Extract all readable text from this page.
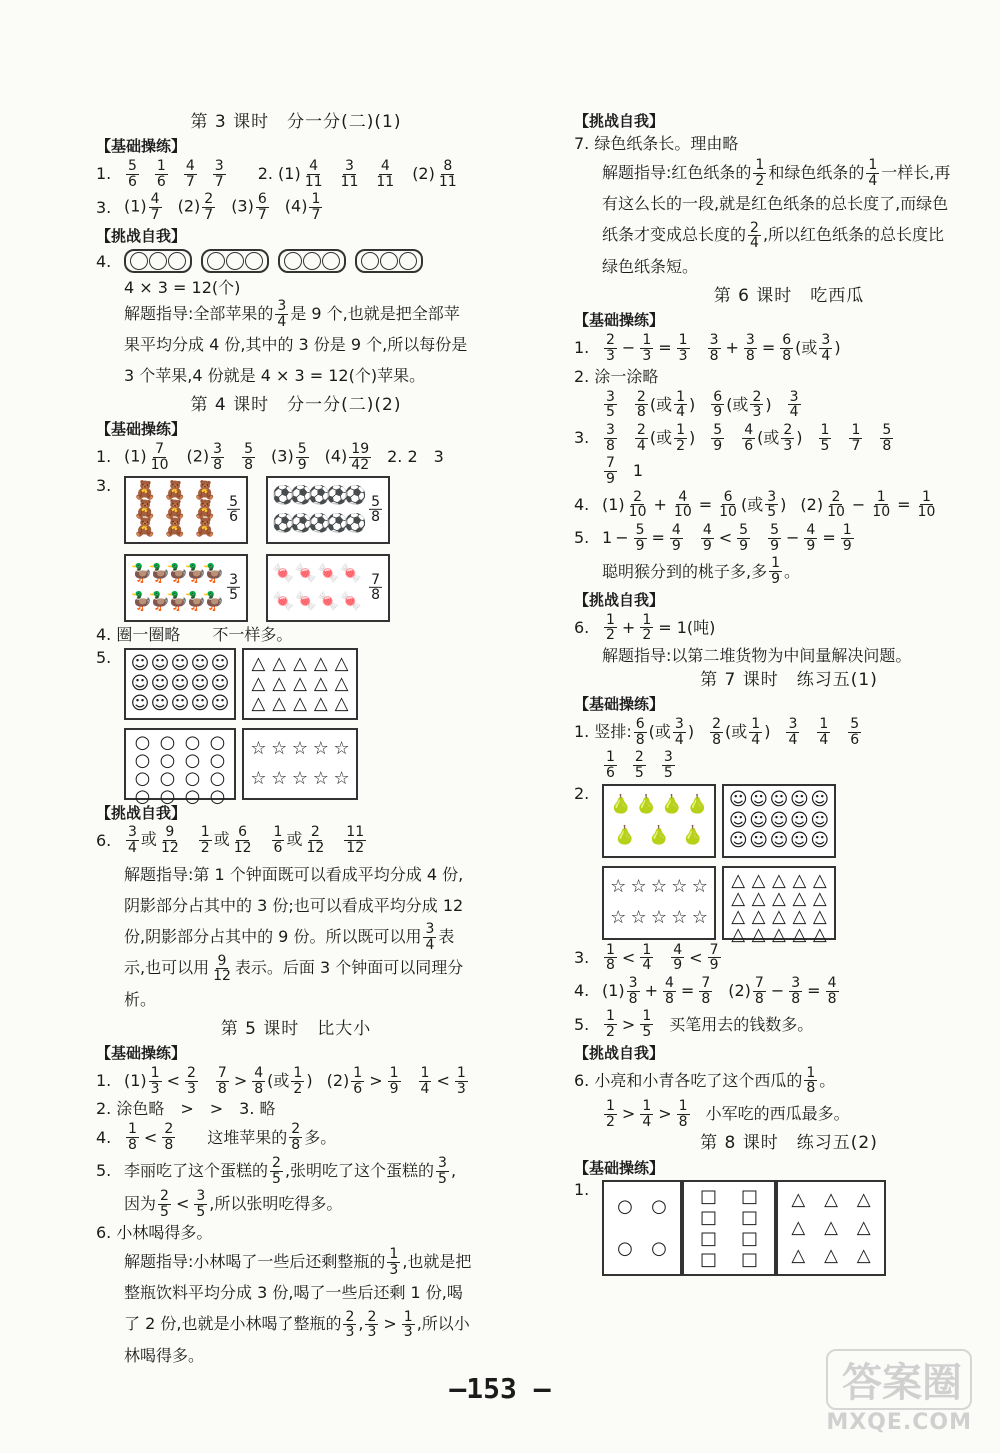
第 3 课时　分一分(二)(1)
【基础操练】
1.	$\frac{5}{6} \frac{1}{6} \frac{4}{7} \frac{3}{7} 2$. $(1) \frac{4}{11} \frac{3}{11} \frac{4}{11} (2) \frac{8}{11}$
3. $(1) \frac{4}{7} (2) \frac{2}{7} (3) \frac{6}{7} (4) \frac{1}{7}$
【挑战自我】
4.
4 × 3 = 12(个)
解题指导:全部苹果的 $\frac{3}{4}$ 是 9 个,也就是把全部苹果平均分成 4 份,其中的 3 份是 9 个,所以每份是 3 个苹果,4 份就是 4 × 3 = 12(个)苹果。
第 4 课时　分一分(二)(2)
【基础操练】
1. $(1) \frac{7}{10} (2) \frac{3}{8} \frac{5}{8} (3) \frac{5}{9} (4) \frac{19}{42} 2$. 2　3
3.	🧸 🧸 🧸
🧸 🧸 🧸
🧸 🧸 🧸
$\frac{5}{6}$ ⚽
⚽
⚽
⚽
⚽
⚽
⚽
⚽
⚽
⚽ $\frac{5}{8}$
🦆
🦆
🦆
🦆
🦆
🦆
🦆
🦆
🦆
🦆 $\frac{3}{5}$ 🍬 🍬 🍬 🍬
🍬 🍬 🍬 🍬 $\frac{7}{8}$
4. 圈一圈略　　不一样多。
5.	☺ ☺ ☺ ☺ ☺
☺ ☺ ☺ ☺ ☺
☺ ☺ ☺ ☺ ☺
△ △ △ △ △
△ △ △ △ △
△ △ △ △ △
○ ○ ○ ○
○ ○ ○ ○
○ ○ ○ ○
○ ○ ○ ○
☆ ☆ ☆ ☆ ☆
☆ ☆ ☆ ☆ ☆
【挑战自我】
6.	$\frac{3}{4}$ 或 $\frac{9}{12} \frac{1}{2}$ 或 $\frac{6}{12} \frac{1}{6}$ 或 $\frac{2}{12} \frac{11}{12}$
解题指导:第 1 个钟面既可以看成平均分成 4 份,阴影部分占其中的 3 份;也可以看成平均分成 12 份,阴影部分占其中的 9 份。所以既可以用 $\frac{3}{4}$ 表示,也可以用 $\frac{9}{12}$ 表示。后面 3 个钟面可以同理分析。
第 5 课时　比大小
【基础操练】
1. $(1) \frac{1}{3} < \frac{2}{3} \frac{7}{8} > \frac{4}{8}$ (或 $\frac{1}{2}$ ) $(2) \frac{1}{6} > \frac{1}{9} \frac{1}{4} < \frac{1}{3}$
2. 涂色略　>　>　3. 略
4.	$\frac{1}{8} < \frac{2}{8}$ 这堆苹果的 $\frac{2}{8}$ 多。
5. 李丽吃了这个蛋糕的 $\frac{2}{5}$ ,张明吃了这个蛋糕的 $\frac{3}{5}$ ,
因为 $\frac{2}{5} < \frac{3}{5}$ ,所以张明吃得多。
6. 小林喝得多。
解题指导:小林喝了一些后还剩整瓶的 $\frac{1}{3}$ ,也就是把整瓶饮料平均分成 3 份,喝了一些后还剩 1 份,喝了 2 份,也就是小林喝了整瓶的 $\frac{2}{3}$ , $\frac{2}{3} > \frac{1}{3}$ ,所以小林喝得多。
【挑战自我】
7. 绿色纸条长。理由略
解题指导:红色纸条的 $\frac{1}{2}$ 和绿色纸条的 $\frac{1}{4}$ 一样长,再有这么长的一段,就是红色纸条的总长度了,而绿色纸条才变成总长度的 $\frac{2}{4}$ ,所以红色纸条的总长度比绿色纸条短。
第 6 课时　吃西瓜
【基础操练】
1.	$\frac{2}{3} - \frac{1}{3} = \frac{1}{3} \frac{3}{8} + \frac{3}{8} = \frac{6}{8}$ (或 $\frac{3}{4}$ )
2. 涂一涂略
$\frac{3}{5} \frac{2}{8}$ (或 $\frac{1}{4}$ ) $\frac{6}{9}$ (或 $\frac{2}{3}$ ) $\frac{3}{4}$
3.	$\frac{3}{8} \frac{2}{4}$ (或 $\frac{1}{2}$ ) $\frac{5}{9} \frac{4}{6}$ (或 $\frac{2}{3}$ ) $\frac{1}{5} \frac{1}{7} \frac{5}{8}$
$\frac{7}{9} 1$
4. $(1) \frac{2}{10} + \frac{4}{10} = \frac{6}{10}$ (或 $\frac{3}{5}$ ) $(2) \frac{2}{10} - \frac{1}{10} = \frac{1}{10}$
5. $1 - \frac{5}{9} = \frac{4}{9} \frac{4}{9} < \frac{5}{9} \frac{5}{9} - \frac{4}{9} = \frac{1}{9}$
聪明猴分到的桃子多,多 $\frac{1}{9}$ 。
【挑战自我】
6.	$\frac{1}{2} + \frac{1}{2} = 1$(吨)
解题指导:以第二堆货物为中间量解决问题。
第 7 课时　练习五(1)
【基础操练】
1. 竖排: $\frac{6}{8}$ (或 $\frac{3}{4}$ ) $\frac{2}{8}$ (或 $\frac{1}{4}$ ) $\frac{3}{4} \frac{1}{4} \frac{5}{6}$
$\frac{1}{6} \frac{2}{5} \frac{3}{5}$
2.
🍐 🍐 🍐 🍐
🍐 🍐 🍐
☺ ☺ ☺ ☺ ☺
☺ ☺ ☺ ☺ ☺
☺ ☺ ☺ ☺ ☺
☆ ☆ ☆ ☆ ☆
☆ ☆ ☆ ☆ ☆
△ △ △ △ △
△ △ △ △ △
△ △ △ △ △
△ △ △ △ △
3.	$\frac{1}{8} < \frac{1}{4} \frac{4}{9} < \frac{7}{9}$
4. $(1) \frac{3}{8} + \frac{4}{8} = \frac{7}{8} (2) \frac{7}{8} - \frac{3}{8} = \frac{4}{8}$
5.	$\frac{1}{2} > \frac{1}{5}$ 买笔用去的钱数多。
【挑战自我】
6. 小亮和小青各吃了这个西瓜的 $\frac{1}{8}$ 。
$\frac{1}{2} > \frac{1}{4} > \frac{1}{8}$ 小军吃的西瓜最多。
第 8 课时　练习五(2)
【基础操练】
1.
○	○
○	○
□	□
□	□
□	□
□	□
△	△	△
△	△	△
△	△	△
–153 –	答案圈
MXQE.COM
